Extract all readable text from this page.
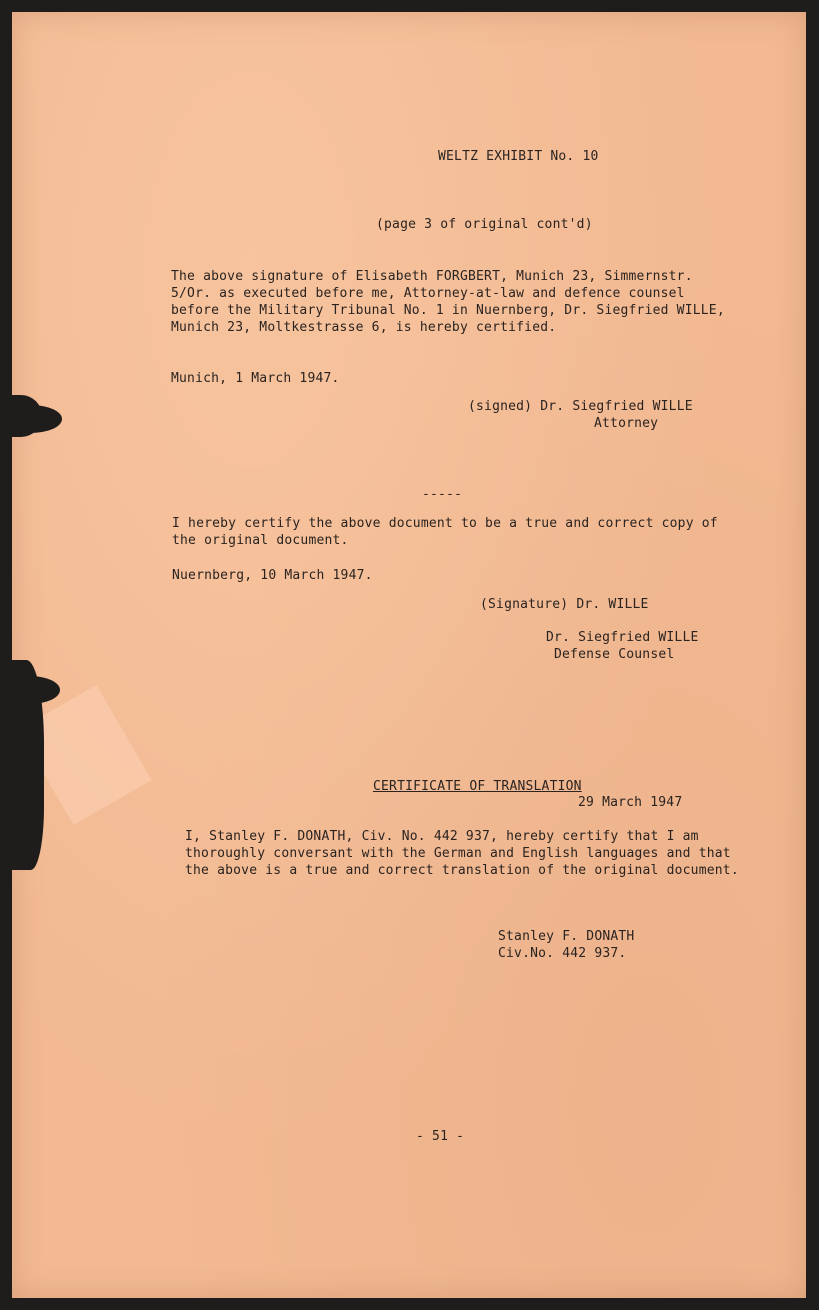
WELTZ EXHIBIT No. 10
(page 3 of original cont'd)
The above signature of Elisabeth FORGBERT, Munich 23, Simmernstr.
5/Or. as executed before me, Attorney-at-law and defence counsel
before the Military Tribunal No. 1 in Nuernberg, Dr. Siegfried WILLE,
Munich 23, Moltkestrasse 6, is hereby certified.
Munich, 1 March 1947.
(signed) Dr. Siegfried WILLE
Attorney
-----
I hereby certify the above document to be a true and correct copy of
the original document.
Nuernberg, 10 March 1947.
(Signature) Dr. WILLE
Dr. Siegfried WILLE
Defense Counsel
CERTIFICATE OF TRANSLATION
29 March 1947
I, Stanley F. DONATH, Civ. No. 442 937, hereby certify that I am
thoroughly conversant with the German and English languages and that
the above is a true and correct translation of the original document.
Stanley F. DONATH
Civ.No. 442 937.
- 51 -
